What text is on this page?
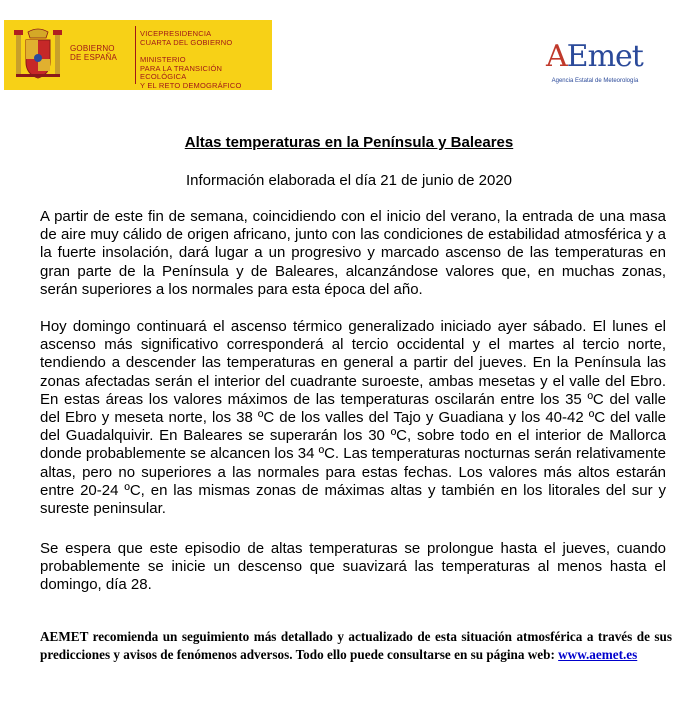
GOBIERNO
DE ESPAÑA
VICEPRESIDENCIA
CUARTA DEL GOBIERNO
MINISTERIO
PARA LA TRANSICIÓN ECOLÓGICA
Y EL RETO DEMOGRÁFICO
AEmet
Agencia Estatal de Meteorología
Altas temperaturas en la Península y Baleares
Información elaborada el día 21 de junio de 2020
A partir de este fin de semana, coincidiendo con el inicio del verano, la entrada de una masa de aire muy cálido de origen africano, junto con las condiciones de estabilidad atmosférica y a la fuerte insolación, dará lugar a un progresivo y marcado ascenso de las temperaturas en gran parte de la Península y de Baleares, alcanzándose valores que, en muchas zonas, serán superiores a los normales para esta época del año.
Hoy domingo continuará el ascenso térmico generalizado iniciado ayer sábado. El lunes el ascenso más significativo corresponderá al tercio occidental y el martes al tercio norte, tendiendo a descender las temperaturas en general a partir del jueves. En la Península las zonas afectadas serán el interior del cuadrante suroeste, ambas mesetas y el valle del Ebro. En estas áreas los valores máximos de las temperaturas oscilarán entre los 35 ºC del valle del Ebro y meseta norte, los 38 ºC de los valles del Tajo y Guadiana y los 40-42 ºC del valle del Guadalquivir. En Baleares se superarán los 30 ºC, sobre todo en el interior de Mallorca donde probablemente se alcancen los 34 ºC. Las temperaturas nocturnas serán relativamente altas, pero no superiores a las normales para estas fechas. Los valores más altos estarán entre 20-24 ºC, en las mismas zonas de máximas altas y también en los litorales del sur y sureste peninsular.
Se espera que este episodio de altas temperaturas se prolongue hasta el jueves, cuando probablemente se inicie un descenso que suavizará las temperaturas al menos hasta el domingo, día 28.
AEMET recomienda un seguimiento más detallado y actualizado de esta situación atmosférica a través de sus predicciones y avisos de fenómenos adversos. Todo ello puede consultarse en su página web: www.aemet.es
